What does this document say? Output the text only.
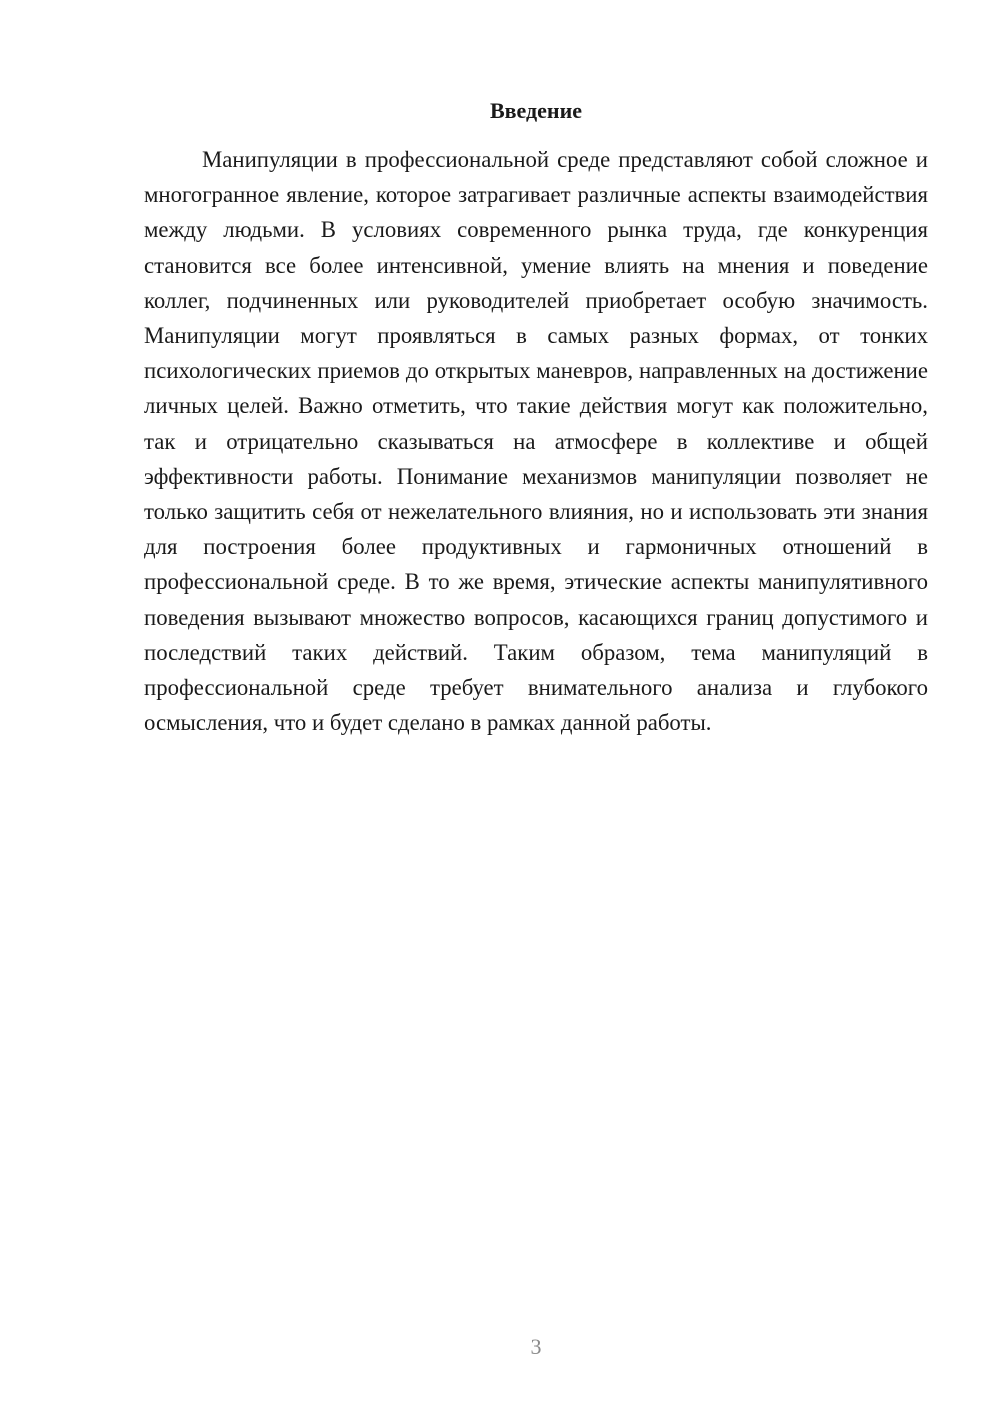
Введение

Манипуляции в профессиональной среде представляют собой сложное и многогранное явление, которое затрагивает различные аспекты взаимодействия между людьми. В условиях современного рынка труда, где конкуренция становится все более интенсивной, умение влиять на мнения и поведение коллег, подчиненных или руководителей приобретает особую значимость. Манипуляции могут проявляться в самых разных формах, от тонких психологических приемов до открытых маневров, направленных на достижение личных целей. Важно отметить, что такие действия могут как положительно, так и отрицательно сказываться на атмосфере в коллективе и общей эффективности работы. Понимание механизмов манипуляции позволяет не только защитить себя от нежелательного влияния, но и использовать эти знания для построения более продуктивных и гармоничных отношений в профессиональной среде. В то же время, этические аспекты манипулятивного поведения вызывают множество вопросов, касающихся границ допустимого и последствий таких действий. Таким образом, тема манипуляций в профессиональной среде требует внимательного анализа и глубокого осмысления, что и будет сделано в рамках данной работы.

3
